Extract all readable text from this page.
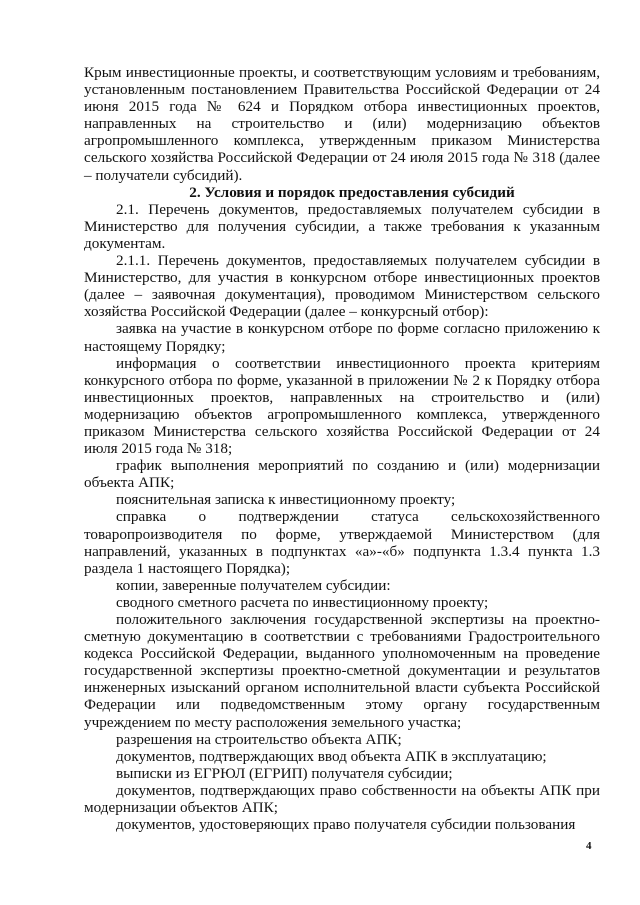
Крым инвестиционные проекты, и соответствующим условиям и требованиям, установленным постановлением Правительства Российской Федерации от 24 июня 2015 года № 624 и Порядком отбора инвестиционных проектов, направленных на строительство и (или) модернизацию объектов агропромышленного комплекса, утвержденным приказом Министерства сельского хозяйства Российской Федерации от 24 июля 2015 года № 318 (далее – получатели субсидий).

2. Условия и порядок предоставления субсидий

2.1. Перечень документов, предоставляемых получателем субсидии в Министерство для получения субсидии, а также требования к указанным документам.

2.1.1. Перечень документов, предоставляемых получателем субсидии в Министерство, для участия в конкурсном отборе инвестиционных проектов (далее – заявочная документация), проводимом Министерством сельского хозяйства Российской Федерации (далее – конкурсный отбор):

заявка на участие в конкурсном отборе по форме согласно приложению к настоящему Порядку;

информация о соответствии инвестиционного проекта критериям конкурсного отбора по форме, указанной в приложении № 2 к Порядку отбора инвестиционных проектов, направленных на строительство и (или) модернизацию объектов агропромышленного комплекса, утвержденного приказом Министерства сельского хозяйства Российской Федерации от 24 июля 2015 года № 318;

график выполнения мероприятий по созданию и (или) модернизации объекта АПК;

пояснительная записка к инвестиционному проекту;

справка о подтверждении статуса сельскохозяйственного товаропроизводителя по форме, утверждаемой Министерством (для направлений, указанных в подпунктах «а»-«б» подпункта 1.3.4 пункта 1.3 раздела 1 настоящего Порядка);

копии, заверенные получателем субсидии:

сводного сметного расчета по инвестиционному проекту;

положительного заключения государственной экспертизы на проектно-сметную документацию в соответствии с требованиями Градостроительного кодекса Российской Федерации, выданного уполномоченным на проведение государственной экспертизы проектно-сметной документации и результатов инженерных изысканий органом исполнительной власти субъекта Российской Федерации или подведомственным этому органу государственным учреждением по месту расположения земельного участка;

разрешения на строительство объекта АПК;

документов, подтверждающих ввод объекта АПК в эксплуатацию;

выписки из ЕГРЮЛ (ЕГРИП) получателя субсидии;

документов, подтверждающих право собственности на объекты АПК при модернизации объектов АПК;

документов, удостоверяющих право получателя субсидии пользования

4
